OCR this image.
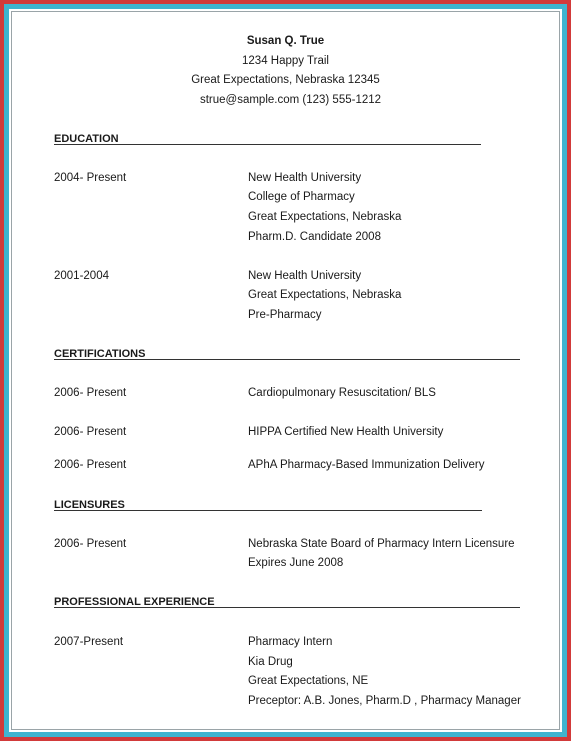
Susan Q. True
1234 Happy Trail
Great Expectations, Nebraska 12345
strue@sample.com (123) 555-1212
EDUCATION
2004- Present	New Health University
College of Pharmacy
Great Expectations, Nebraska
Pharm.D. Candidate 2008
2001-2004	New Health University
Great Expectations, Nebraska
Pre-Pharmacy
CERTIFICATIONS
2006- Present	Cardiopulmonary Resuscitation/ BLS
2006- Present	HIPPA Certified New Health University
2006- Present	APhA Pharmacy-Based Immunization Delivery
LICENSURES
2006- Present	Nebraska State Board of Pharmacy Intern Licensure
Expires June 2008
PROFESSIONAL EXPERIENCE
2007-Present	Pharmacy Intern
Kia Drug
Great Expectations, NE
Preceptor: A.B. Jones, Pharm.D , Pharmacy Manager
